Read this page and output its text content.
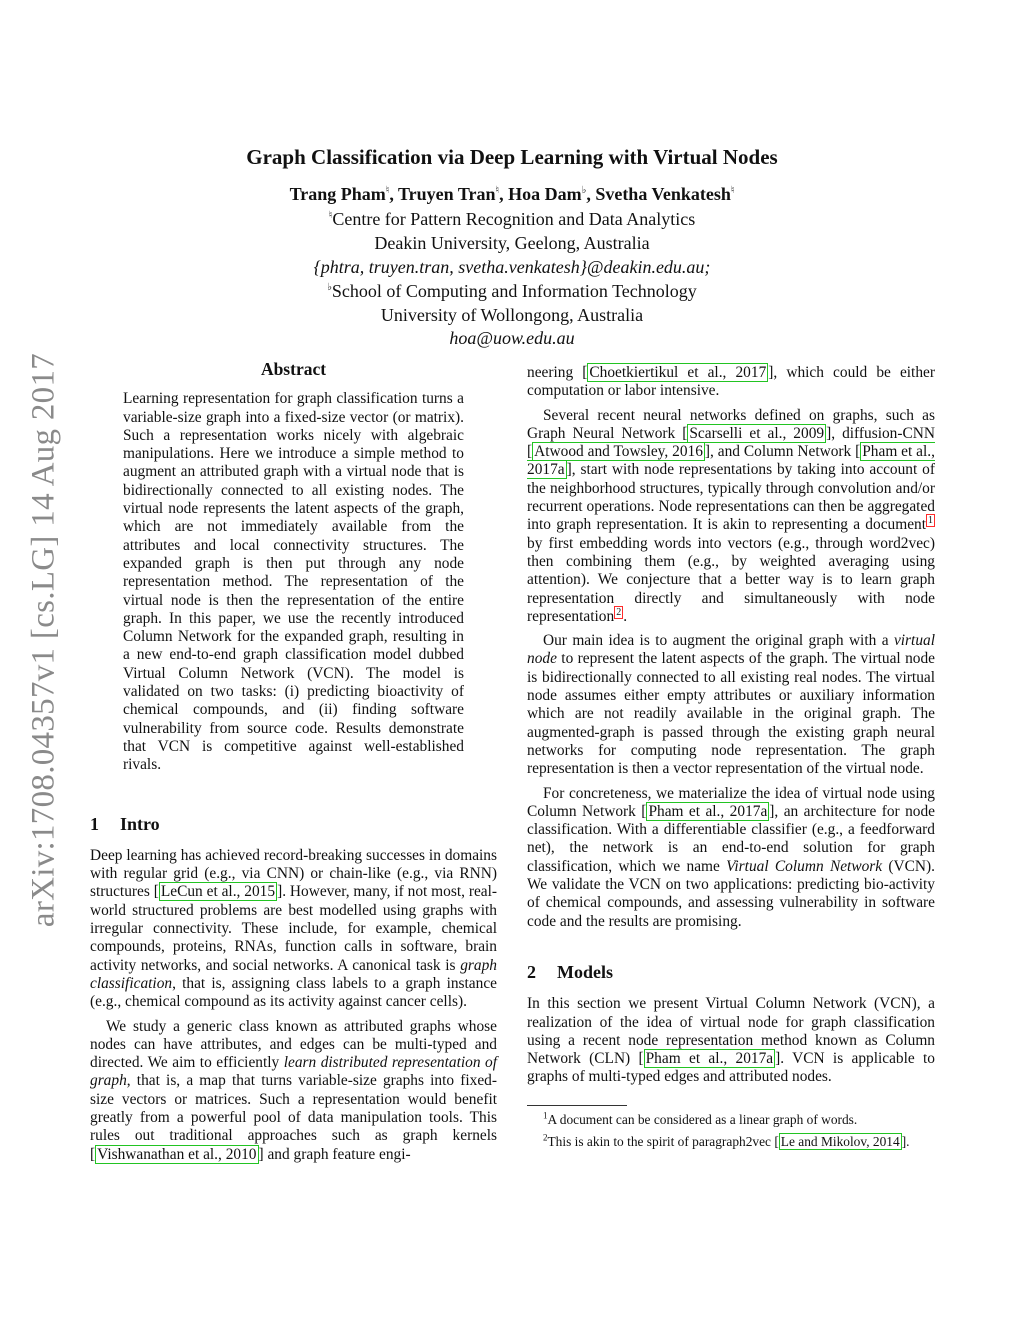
arXiv:1708.04357v1 [cs.LG] 14 Aug 2017
Graph Classification via Deep Learning with Virtual Nodes
Trang Pham♮, Truyen Tran♮, Hoa Dam♭, Svetha Venkatesh♮
♮Centre for Pattern Recognition and Data Analytics
Deakin University, Geelong, Australia
{phtra, truyen.tran, svetha.venkatesh}@deakin.edu.au;
♭School of Computing and Information Technology
University of Wollongong, Australia
hoa@uow.edu.au
Abstract
Learning representation for graph classification turns a variable-size graph into a fixed-size vector (or matrix). Such a representation works nicely with algebraic manipulations. Here we introduce a simple method to augment an attributed graph with a virtual node that is bidirectionally connected to all existing nodes. The virtual node represents the latent aspects of the graph, which are not immediately available from the attributes and local connectivity structures. The expanded graph is then put through any node representation method. The representation of the virtual node is then the representation of the entire graph. In this paper, we use the recently introduced Column Network for the expanded graph, resulting in a new end-to-end graph classification model dubbed Virtual Column Network (VCN). The model is validated on two tasks: (i) predicting bioactivity of chemical compounds, and (ii) finding software vulnerability from source code. Results demonstrate that VCN is competitive against well-established rivals.
1 Intro

Deep learning has achieved record-breaking successes in domains with regular grid (e.g., via CNN) or chain-like (e.g., via RNN) structures [ LeCun et al., 2015 ]. However, many, if not most, real-world structured problems are best modelled using graphs with irregular connectivity. These include, for example, chemical compounds, proteins, RNAs, function calls in software, brain activity networks, and social networks. A canonical task is graph classification, that is, assigning class labels to a graph instance (e.g., chemical compound as its activity against cancer cells).

We study a generic class known as attributed graphs whose nodes can have attributes, and edges can be multi-typed and directed. We aim to efficiently learn distributed representation of graph, that is, a map that turns variable-size graphs into fixed-size vectors or matrices. Such a representation would benefit greatly from a powerful pool of data manipulation tools. This rules out traditional approaches such as graph kernels [ Vishwanathan et al., 2010 ] and graph feature engi-

neering [ Choetkiertikul et al., 2017 ], which could be either computation or labor intensive.

Several recent neural networks defined on graphs, such as Graph Neural Network [ Scarselli et al., 2009 ], diffusion-CNN [ Atwood and Towsley, 2016 ], and Column Network [ Pham et al., 2017a ], start with node representations by taking into account of the neighborhood structures, typically through convolution and/or recurrent operations. Node representations can then be aggregated into graph representation. It is akin to representing a document $^1$ by first embedding words into vectors (e.g., through word2vec) then combining them (e.g., by weighted averaging using attention). We conjecture that a better way is to learn graph representation directly and simultaneously with node representation $^2$ .

Our main idea is to augment the original graph with a virtual node to represent the latent aspects of the graph. The virtual node is bidirectionally connected to all existing real nodes. The virtual node assumes either empty attributes or auxiliary information which are not readily available in the original graph. The augmented-graph is passed through the existing graph neural networks for computing node representation. The graph representation is then a vector representation of the virtual node.

For concreteness, we materialize the idea of virtual node using Column Network [ Pham et al., 2017a ], an architecture for node classification. With a differentiable classifier (e.g., a feedforward net), the network is an end-to-end solution for graph classification, which we name Virtual Column Network (VCN). We validate the VCN on two applications: predicting bio-activity of chemical compounds, and assessing vulnerability in software code and the results are promising.

2 Models

In this section we present Virtual Column Network (VCN), a realization of the idea of virtual node for graph classification using a recent node representation method known as Column Network (CLN) [ Pham et al., 2017a ]. VCN is applicable to graphs of multi-typed edges and attributed nodes.

$^1$A document can be considered as a linear graph of words.

$^2$This is akin to the spirit of paragraph2vec [ Le and Mikolov, 2014 ].
